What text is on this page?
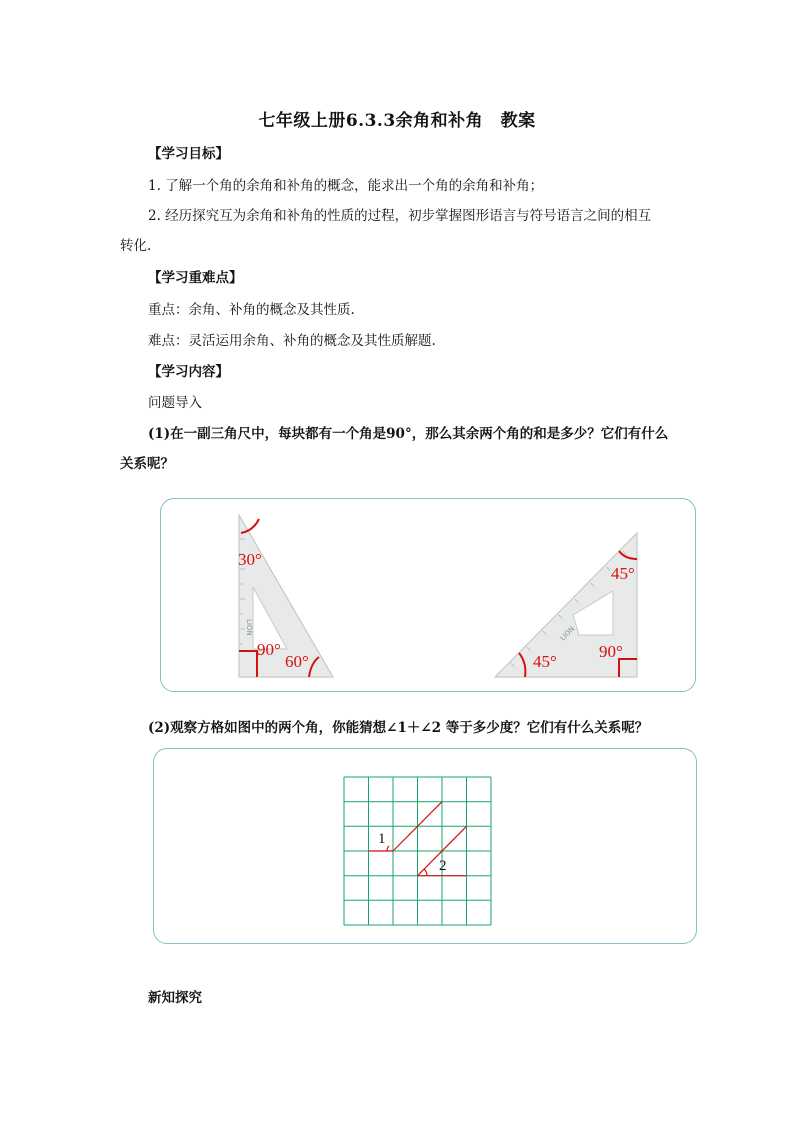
七年级上册6.3.3余角和补角　教案
【学习目标】
1. 了解一个角的余角和补角的概念，能求出一个角的余角和补角；
2. 经历探究互为余角和补角的性质的过程，初步掌握图形语言与符号语言之间的相互
转化.
【学习重难点】
重点：余角、补角的概念及其性质.
难点：灵活运用余角、补角的概念及其性质解题.
【学习内容】
问题导入
(1)在一副三角尺中，每块都有一个角是90°，那么其余两个角的和是多少？它们有什么
关系呢？
LION
30°
90°
60°
LION
45°
45°
90°
(2)观察方格如图中的两个角，你能猜想∠1＋∠2 等于多少度？它们有什么关系呢？
1
2
新知探究
